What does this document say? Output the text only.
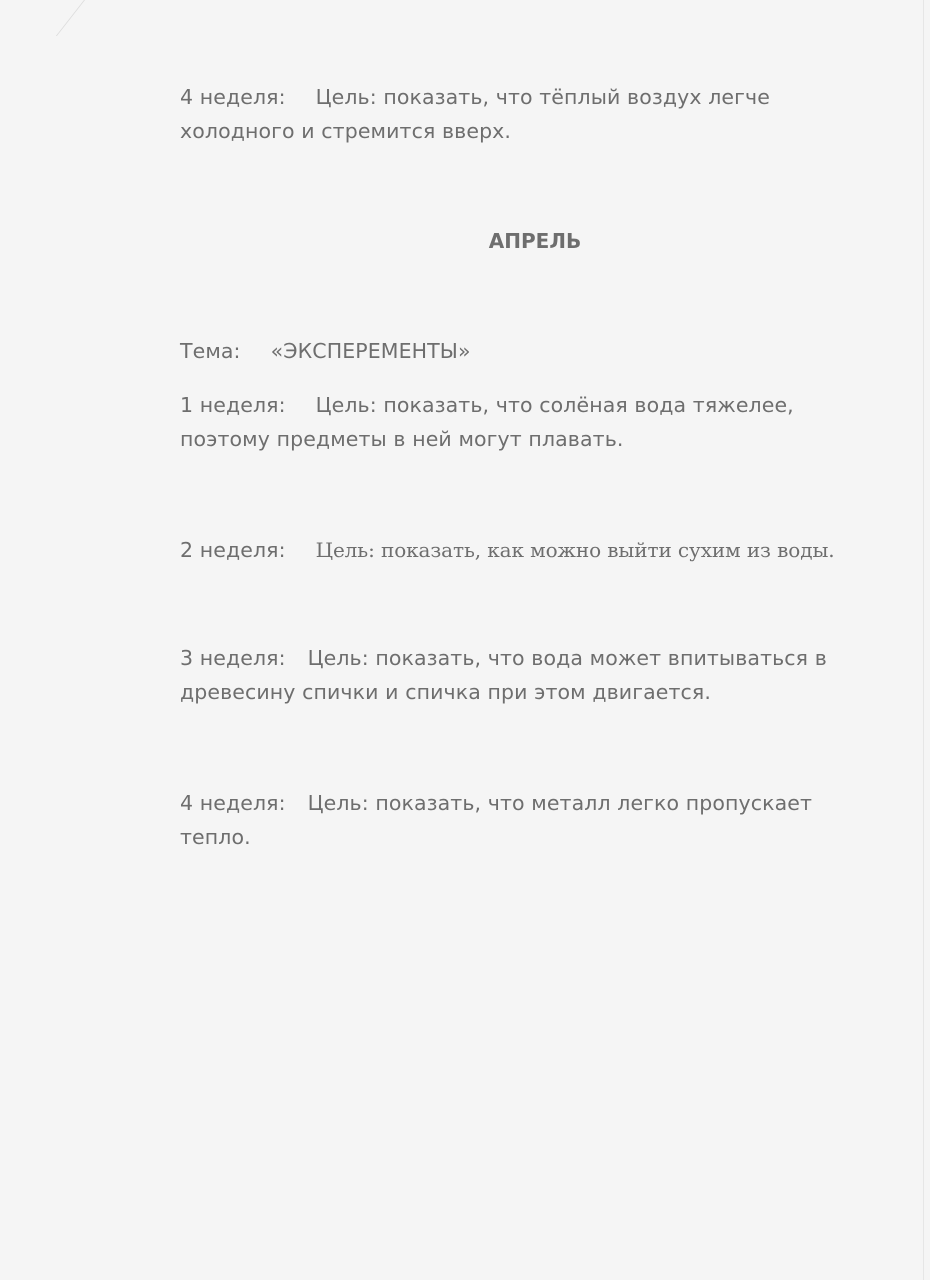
4 неделя: Цель: показать, что тёплый воздух легче
холодного и стремится вверх.
АПРЕЛЬ
Тема: «ЭКСПЕРЕМЕНТЫ»
1 неделя: Цель: показать, что солёная вода тяжелее,
поэтому предметы в ней могут плавать.
2 неделя: Цель: показать, как можно выйти сухим из воды.
3 неделя: Цель: показать, что вода может впитываться в
древесину спички и спичка при этом двигается.
4 неделя: Цель: показать, что металл легко пропускает
тепло.
